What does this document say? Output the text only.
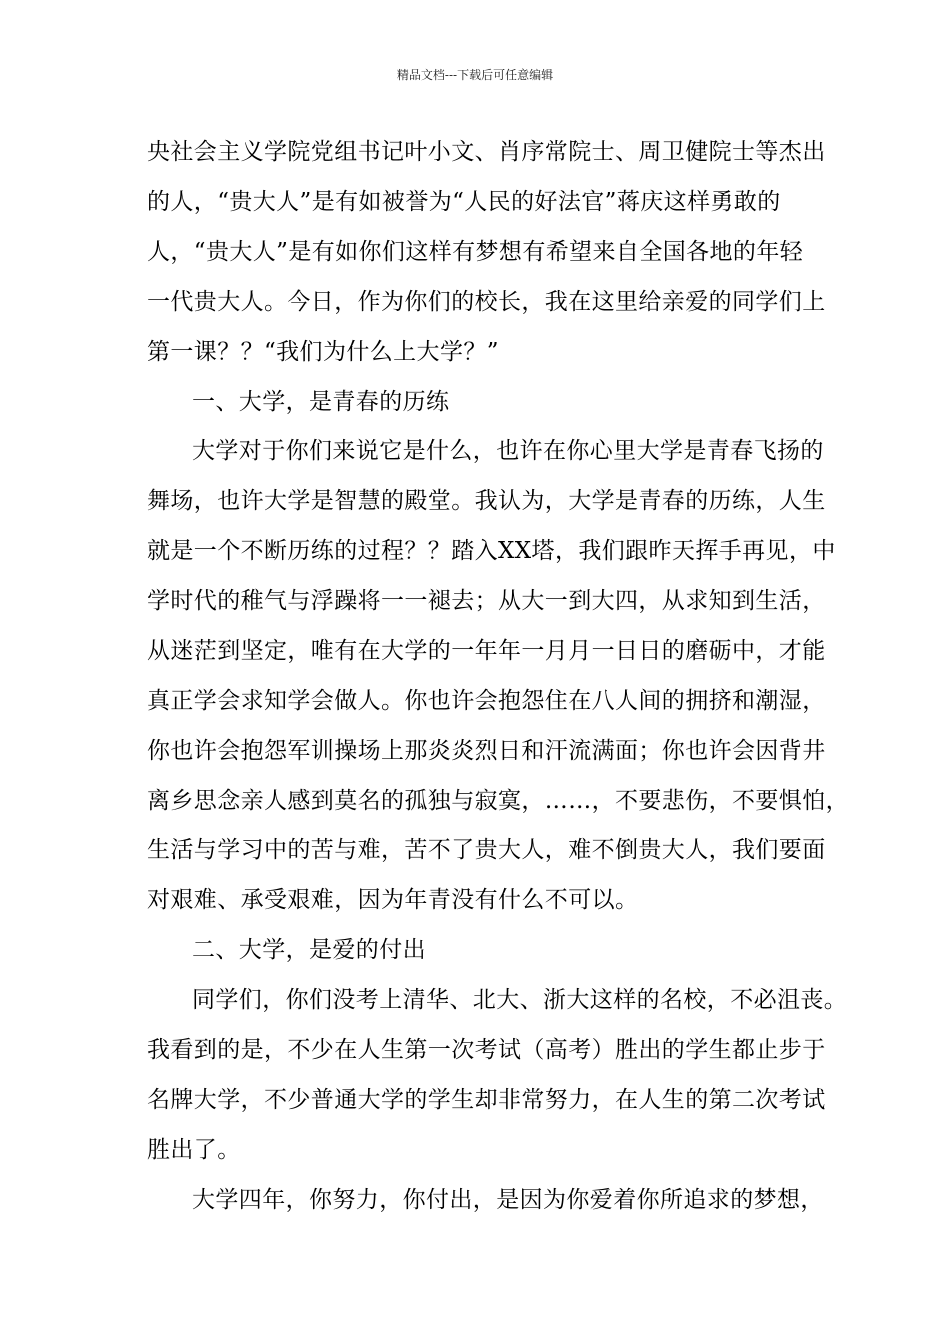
精品文档---下载后可任意编辑
央社会主义学院党组书记叶小文、肖序常院士、周卫健院士等杰出
的人，“贵大人”是有如被誉为“人民的好法官”蒋庆这样勇敢的
人，“贵大人”是有如你们这样有梦想有希望来自全国各地的年轻
一代贵大人。今日，作为你们的校长，我在这里给亲爱的同学们上
第一课？？“我们为什么上大学？”
一、大学，是青春的历练
大学对于你们来说它是什么，也许在你心里大学是青春飞扬的
舞场，也许大学是智慧的殿堂。我认为，大学是青春的历练，人生
就是一个不断历练的过程？？踏入XX塔，我们跟昨天挥手再见，中
学时代的稚气与浮躁将一一褪去；从大一到大四，从求知到生活，
从迷茫到坚定，唯有在大学的一年年一月月一日日的磨砺中，才能
真正学会求知学会做人。你也许会抱怨住在八人间的拥挤和潮湿，
你也许会抱怨军训操场上那炎炎烈日和汗流满面；你也许会因背井
离乡思念亲人感到莫名的孤独与寂寞，……，不要悲伤，不要惧怕，
生活与学习中的苦与难，苦不了贵大人，难不倒贵大人，我们要面
对艰难、承受艰难，因为年青没有什么不可以。
二、大学，是爱的付出
同学们，你们没考上清华、北大、浙大这样的名校，不必沮丧。
我看到的是，不少在人生第一次考试（高考）胜出的学生都止步于
名牌大学，不少普通大学的学生却非常努力，在人生的第二次考试
胜出了。
大学四年，你努力，你付出，是因为你爱着你所追求的梦想，
